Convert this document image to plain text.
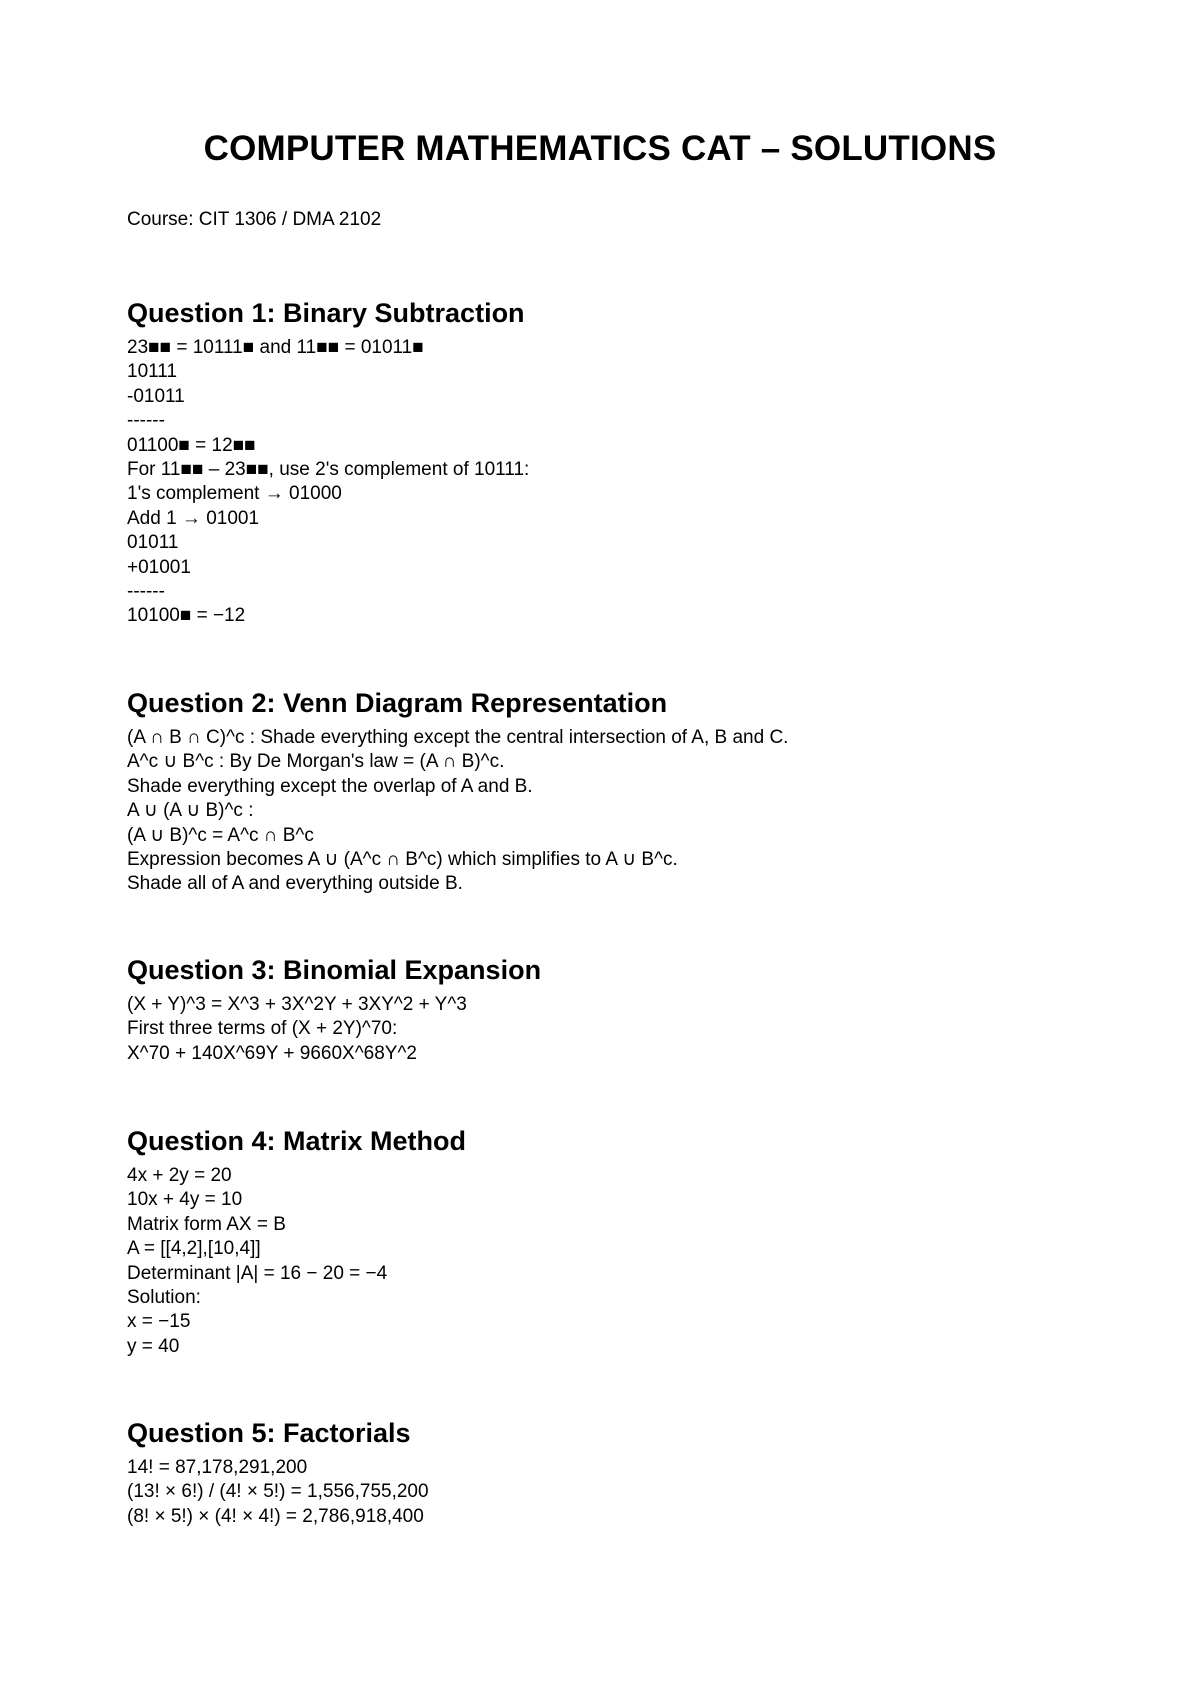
COMPUTER MATHEMATICS CAT – SOLUTIONS

Course: CIT 1306 / DMA 2102

Question 1: Binary Subtraction
23■■ = 10111■ and 11■■ = 01011■
10111
-01011
------
01100■ = 12■■
For 11■■ – 23■■, use 2's complement of 10111:
1's complement → 01000
Add 1 → 01001
01011
+01001
------
10100■ = −12
Question 2: Venn Diagram Representation
(A ∩ B ∩ C)^c : Shade everything except the central intersection of A, B and C.
A^c ∪ B^c : By De Morgan's law = (A ∩ B)^c.
Shade everything except the overlap of A and B.
A ∪ (A ∪ B)^c :
(A ∪ B)^c = A^c ∩ B^c
Expression becomes A ∪ (A^c ∩ B^c) which simplifies to A ∪ B^c.
Shade all of A and everything outside B.
Question 3: Binomial Expansion
(X + Y)^3 = X^3 + 3X^2Y + 3XY^2 + Y^3
First three terms of (X + 2Y)^70:
X^70 + 140X^69Y + 9660X^68Y^2
Question 4: Matrix Method
4x + 2y = 20
10x + 4y = 10
Matrix form AX = B
A = [[4,2],[10,4]]
Determinant |A| = 16 − 20 = −4
Solution:
x = −15
y = 40
Question 5: Factorials
14! = 87,178,291,200
(13! × 6!) / (4! × 5!) = 1,556,755,200
(8! × 5!) × (4! × 4!) = 2,786,918,400
